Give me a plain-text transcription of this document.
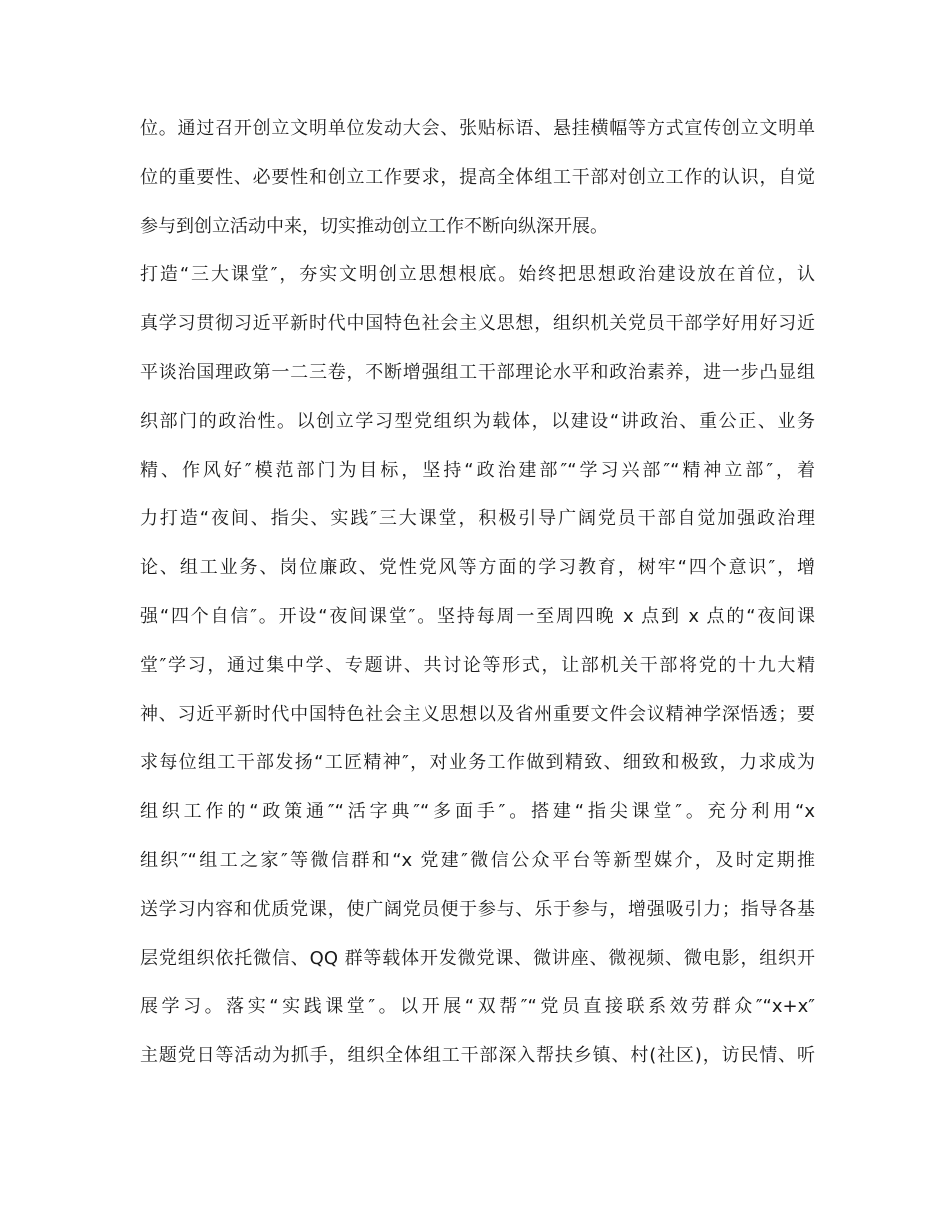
位。通过召开创立文明单位发动大会、张贴标语、悬挂横幅等方式宣传创立文明单
位的重要性、必要性和创立工作要求，提高全体组工干部对创立工作的认识，自觉
参与到创立活动中来，切实推动创立工作不断向纵深开展。
打造“三大课堂″，夯实文明创立思想根底。始终把思想政治建设放在首位，认
真学习贯彻习近平新时代中国特色社会主义思想，组织机关党员干部学好用好习近
平谈治国理政第一二三卷，不断增强组工干部理论水平和政治素养，进一步凸显组
织部门的政治性。以创立学习型党组织为载体，以建设“讲政治、重公正、业务
精、作风好″模范部门为目标，坚持“政治建部″“学习兴部″“精神立部″，着
力打造“夜间、指尖、实践″三大课堂，积极引导广阔党员干部自觉加强政治理
论、组工业务、岗位廉政、党性党风等方面的学习教育，树牢“四个意识″，增
强“四个自信″。开设“夜间课堂″。坚持每周一至周四晚 x 点到 x 点的“夜间课
堂″学习，通过集中学、专题讲、共讨论等形式，让部机关干部将党的十九大精
神、习近平新时代中国特色社会主义思想以及省州重要文件会议精神学深悟透；要
求每位组工干部发扬“工匠精神″，对业务工作做到精致、细致和极致，力求成为
组织工作的“政策通″“活字典″“多面手″。搭建“指尖课堂″。充分利用“x
组织″“组工之家″等微信群和“x 党建″微信公众平台等新型媒介，及时定期推
送学习内容和优质党课，使广阔党员便于参与、乐于参与，增强吸引力；指导各基
层党组织依托微信、QQ 群等载体开发微党课、微讲座、微视频、微电影，组织开
展学习。落实“实践课堂″。以开展“双帮″“党员直接联系效劳群众″“x+x″
主题党日等活动为抓手，组织全体组工干部深入帮扶乡镇、村(社区)，访民情、听
